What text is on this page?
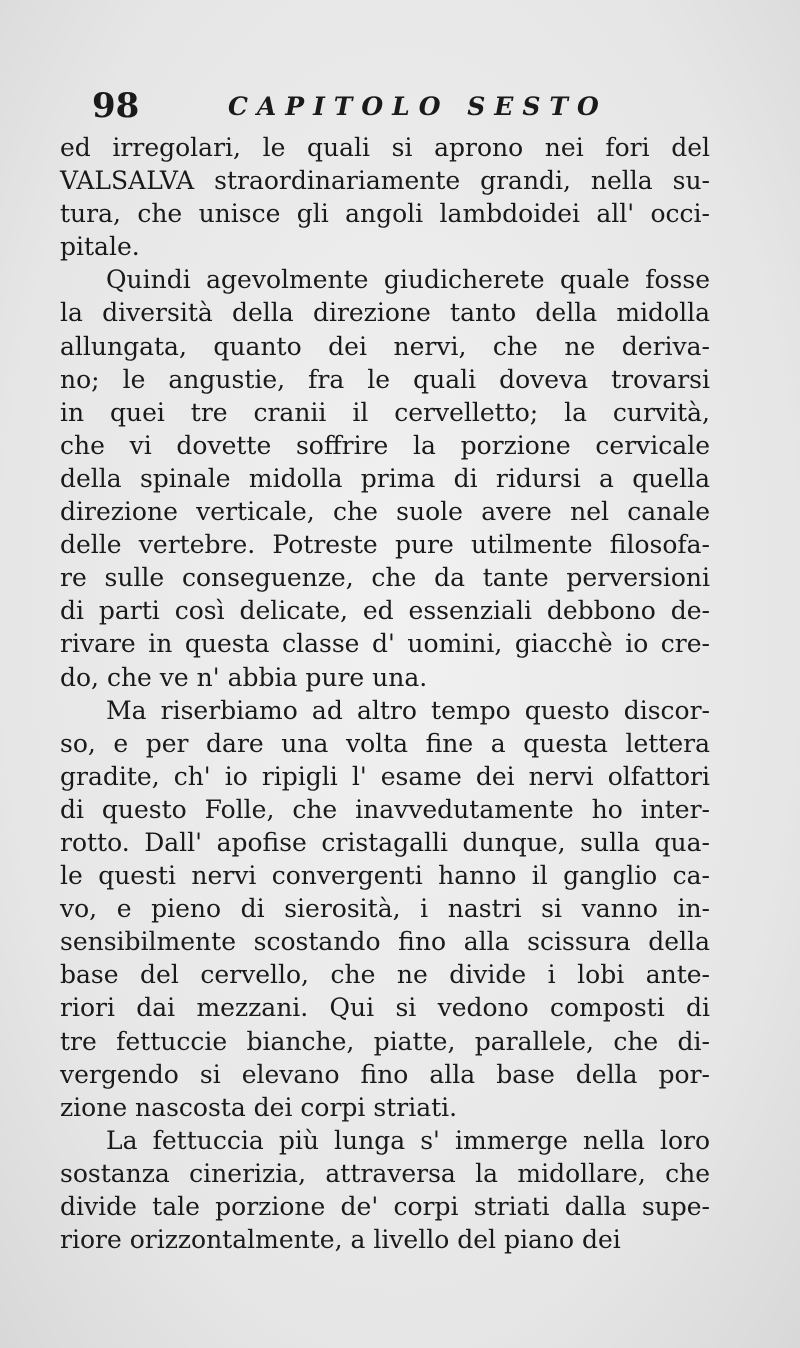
98	CAPITOLO SESTO
ed irregolari, le quali si aprono nei fori del
VALSALVA straordinariamente grandi, nella su-
tura, che unisce gli angoli lambdoidei all' occi-
pitale.
Quindi agevolmente giudicherete quale fosse
la diversità della direzione tanto della midolla
allungata, quanto dei nervi, che ne deriva-
no; le angustie, fra le quali doveva trovarsi
in quei tre cranii il cervelletto; la curvità,
che vi dovette soffrire la porzione cervicale
della spinale midolla prima di ridursi a quella
direzione verticale, che suole avere nel canale
delle vertebre. Potreste pure utilmente filosofa-
re sulle conseguenze, che da tante perversioni
di parti così delicate, ed essenziali debbono de-
rivare in questa classe d' uomini, giacchè io cre-
do, che ve n' abbia pure una.
Ma riserbiamo ad altro tempo questo discor-
so, e per dare una volta fine a questa lettera
gradite, ch' io ripigli l' esame dei nervi olfattori
di questo Folle, che inavvedutamente ho inter-
rotto. Dall' apofise cristagalli dunque, sulla qua-
le questi nervi convergenti hanno il ganglio ca-
vo, e pieno di sierosità, i nastri si vanno in-
sensibilmente scostando fino alla scissura della
base del cervello, che ne divide i lobi ante-
riori dai mezzani. Qui si vedono composti di
tre fettuccie bianche, piatte, parallele, che di-
vergendo si elevano fino alla base della por-
zione nascosta dei corpi striati.
La fettuccia più lunga s' immerge nella loro
sostanza cinerizia, attraversa la midollare, che
divide tale porzione de' corpi striati dalla supe-
riore orizzontalmente, a livello del piano dei
